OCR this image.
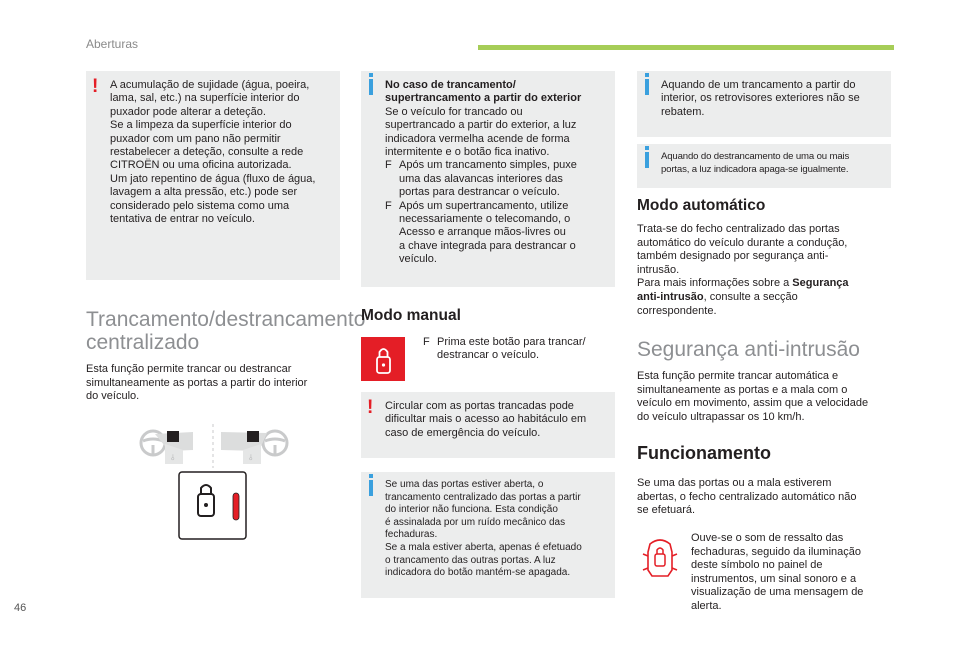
Aberturas
! A acumulação de sujidade (água, poeira,

lama, sal, etc.) na superfície interior do

puxador pode alterar a deteção.

Se a limpeza da superfície interior do

puxador com um pano não permitir

restabelecer a deteção, consulte a rede

CITROËN ou uma oficina autorizada.

Um jato repentino de água (fluxo de água,

lavagem a alta pressão, etc.) pode ser

considerado pelo sistema como uma

tentativa de entrar no veículo.

Trancamento/destrancamento
centralizado

Esta função permite trancar ou destrancar

simultaneamente as portas a partir do interior

do veículo.

⫰	⫰

No caso de trancamento/

supertrancamento a partir do exterior

Se o veículo for trancado ou

supertrancado a partir do exterior, a luz

indicadora vermelha acende de forma

intermitente e o botão fica inativo.

F Após um trancamento simples, puxe

uma das alavancas interiores das

portas para destrancar o veículo.

F Após um supertrancamento, utilize

necessariamente o telecomando, o

Acesso e arranque mãos-livres ou

a chave integrada para destrancar o

veículo.

Modo manual

F Prima este botão para trancar/

destrancar o veículo.

! Circular com as portas trancadas pode

dificultar mais o acesso ao habitáculo em

caso de emergência do veículo.

Se uma das portas estiver aberta, o

trancamento centralizado das portas a partir

do interior não funciona. Esta condição

é assinalada por um ruído mecânico das

fechaduras.

Se a mala estiver aberta, apenas é efetuado

o trancamento das outras portas. A luz

indicadora do botão mantém-se apagada.

Aquando de um trancamento a partir do

interior, os retrovisores exteriores não se

rebatem.

Aquando do destrancamento de uma ou mais

portas, a luz indicadora apaga-se igualmente.

Modo automático

Trata-se do fecho centralizado das portas

automático do veículo durante a condução,

também designado por segurança anti-

intrusão.

Para mais informações sobre a Segurança

anti-intrusão, consulte a secção

correspondente.

Segurança anti-intrusão

Esta função permite trancar automática e

simultaneamente as portas e a mala com o

veículo em movimento, assim que a velocidade

do veículo ultrapassar os 10 km/h.

Funcionamento

Se uma das portas ou a mala estiverem

abertas, o fecho centralizado automático não

se efetuará.

Ouve-se o som de ressalto das

fechaduras, seguido da iluminação

deste símbolo no painel de

instrumentos, um sinal sonoro e a

visualização de uma mensagem de

alerta.

46
